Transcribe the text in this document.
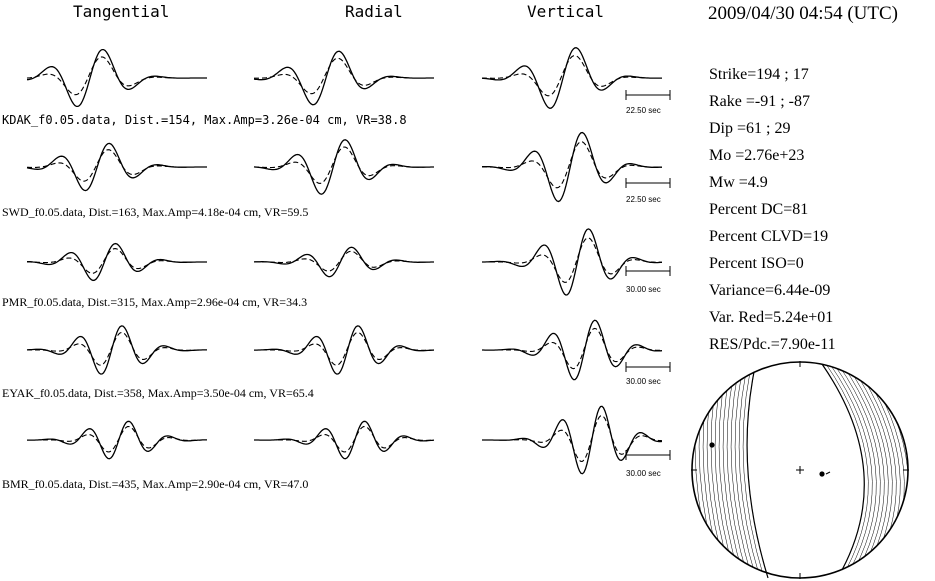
Tangential	Radial	Vertical
KDAK_f0.05.data, Dist.=154, Max.Amp=3.26e-04 cm, VR=38.8
SWD_f0.05.data, Dist.=163, Max.Amp=4.18e-04 cm, VR=59.5
PMR_f0.05.data, Dist.=315, Max.Amp=2.96e-04 cm, VR=34.3
EYAK_f0.05.data, Dist.=358, Max.Amp=3.50e-04 cm, VR=65.4
BMR_f0.05.data, Dist.=435, Max.Amp=2.90e-04 cm, VR=47.0
22.50 sec
22.50 sec
30.00 sec
30.00 sec
30.00 sec
2009/04/30 04:54 (UTC)
Strike=194 ; 17
Rake =-91 ; -87
Dip =61 ; 29
Mo =2.76e+23
Mw =4.9
Percent DC=81
Percent CLVD=19
Percent ISO=0
Variance=6.44e-09
Var. Red=5.24e+01
RES/Pdc.=7.90e-11
